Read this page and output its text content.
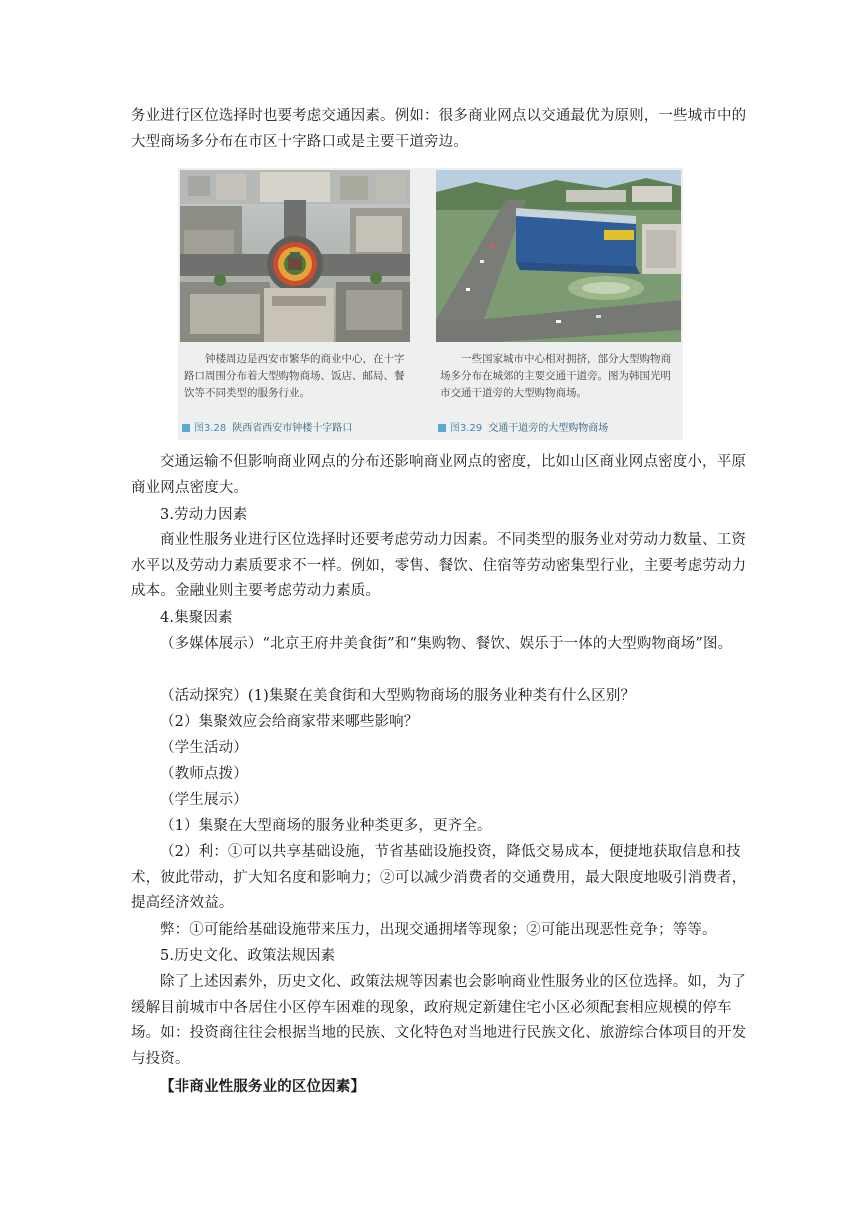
务业进行区位选择时也要考虑交通因素。例如：很多商业网点以交通最优为原则，一些城市中的大型商场多分布在市区十字路口或是主要干道旁边。
钟楼周边是西安市繁华的商业中心，在十字路口周围分布着大型购物商场、饭店、邮局、餐饮等不同类型的服务行业。
一些国家城市中心相对拥挤，部分大型购物商场多分布在城郊的主要交通干道旁。图为韩国光明市交通干道旁的大型购物商场。
图3.28 陕西省西安市钟楼十字路口	图3.29 交通干道旁的大型购物商场
交通运输不但影响商业网点的分布还影响商业网点的密度，比如山区商业网点密度小，平原商业网点密度大。
3.劳动力因素
商业性服务业进行区位选择时还要考虑劳动力因素。不同类型的服务业对劳动力数量、工资水平以及劳动力素质要求不一样。例如，零售、餐饮、住宿等劳动密集型行业，主要考虑劳动力成本。金融业则主要考虑劳动力素质。
4.集聚因素
（多媒体展示）“北京王府井美食街”和“集购物、餐饮、娱乐于一体的大型购物商场”图。
（活动探究）(1)集聚在美食街和大型购物商场的服务业种类有什么区别？
（2）集聚效应会给商家带来哪些影响？
（学生活动）
（教师点拨）
（学生展示）
（1）集聚在大型商场的服务业种类更多，更齐全。
（2）利：①可以共享基础设施，节省基础设施投资，降低交易成本，便捷地获取信息和技术，彼此带动，扩大知名度和影响力；②可以减少消费者的交通费用，最大限度地吸引消费者，提高经济效益。
弊：①可能给基础设施带来压力，出现交通拥堵等现象；②可能出现恶性竞争；等等。
5.历史文化、政策法规因素
除了上述因素外，历史文化、政策法规等因素也会影响商业性服务业的区位选择。如，为了缓解目前城市中各居住小区停车困难的现象，政府规定新建住宅小区必须配套相应规模的停车场。如：投资商往往会根据当地的民族、文化特色对当地进行民族文化、旅游综合体项目的开发与投资。
【非商业性服务业的区位因素】
